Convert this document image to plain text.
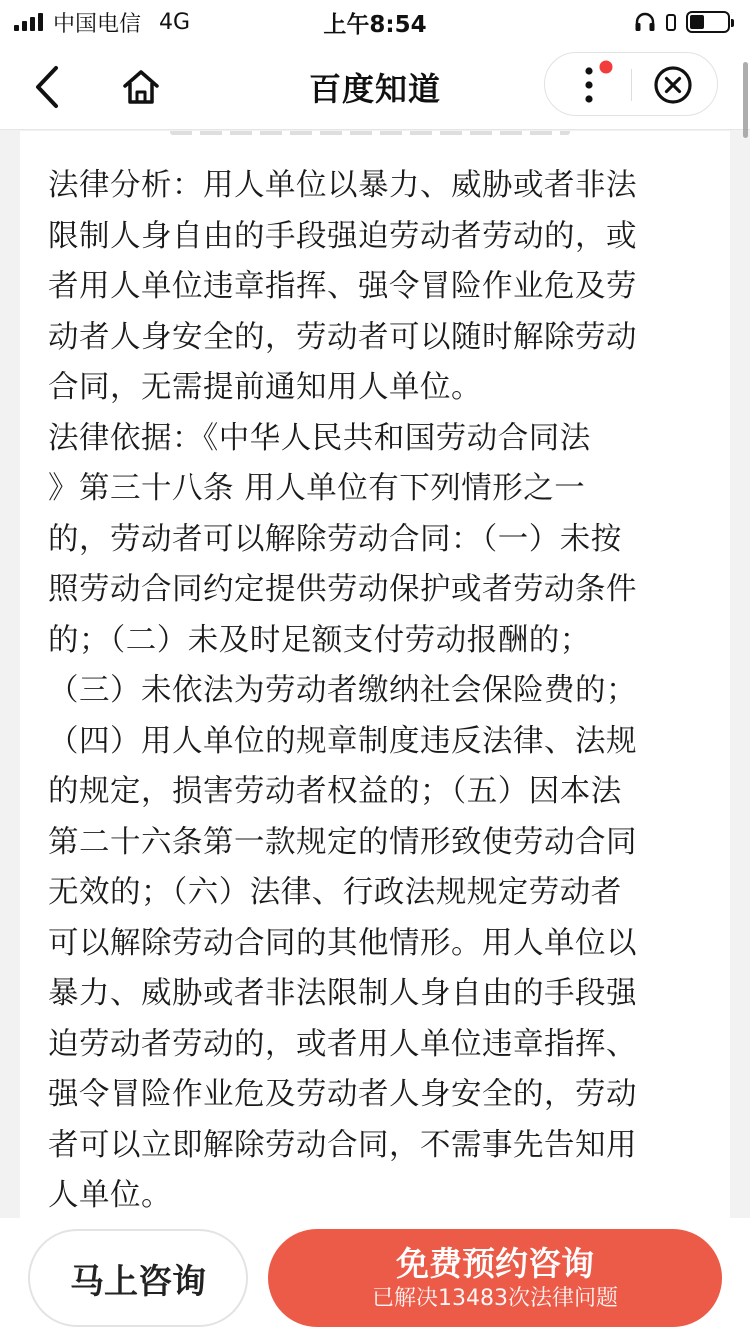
中国电信 4G	上午8:54
百度知道
法律分析：用人单位以暴力、威胁或者非法
限制人身自由的手段强迫劳动者劳动的，或
者用人单位违章指挥、强令冒险作业危及劳
动者人身安全的，劳动者可以随时解除劳动
合同，无需提前通知用人单位。
法律依据：《中华人民共和国劳动合同法
》第三十八条 用人单位有下列情形之一
的，劳动者可以解除劳动合同：（一）未按
照劳动合同约定提供劳动保护或者劳动条件
的；（二）未及时足额支付劳动报酬的；
（三）未依法为劳动者缴纳社会保险费的；
（四）用人单位的规章制度违反法律、法规
的规定，损害劳动者权益的；（五）因本法
第二十六条第一款规定的情形致使劳动合同
无效的；（六）法律、行政法规规定劳动者
可以解除劳动合同的其他情形。用人单位以
暴力、威胁或者非法限制人身自由的手段强
迫劳动者劳动的，或者用人单位违章指挥、
强令冒险作业危及劳动者人身安全的，劳动
者可以立即解除劳动合同，不需事先告知用
人单位。
马上咨询	免费预约咨询
已解决13483次法律问题
